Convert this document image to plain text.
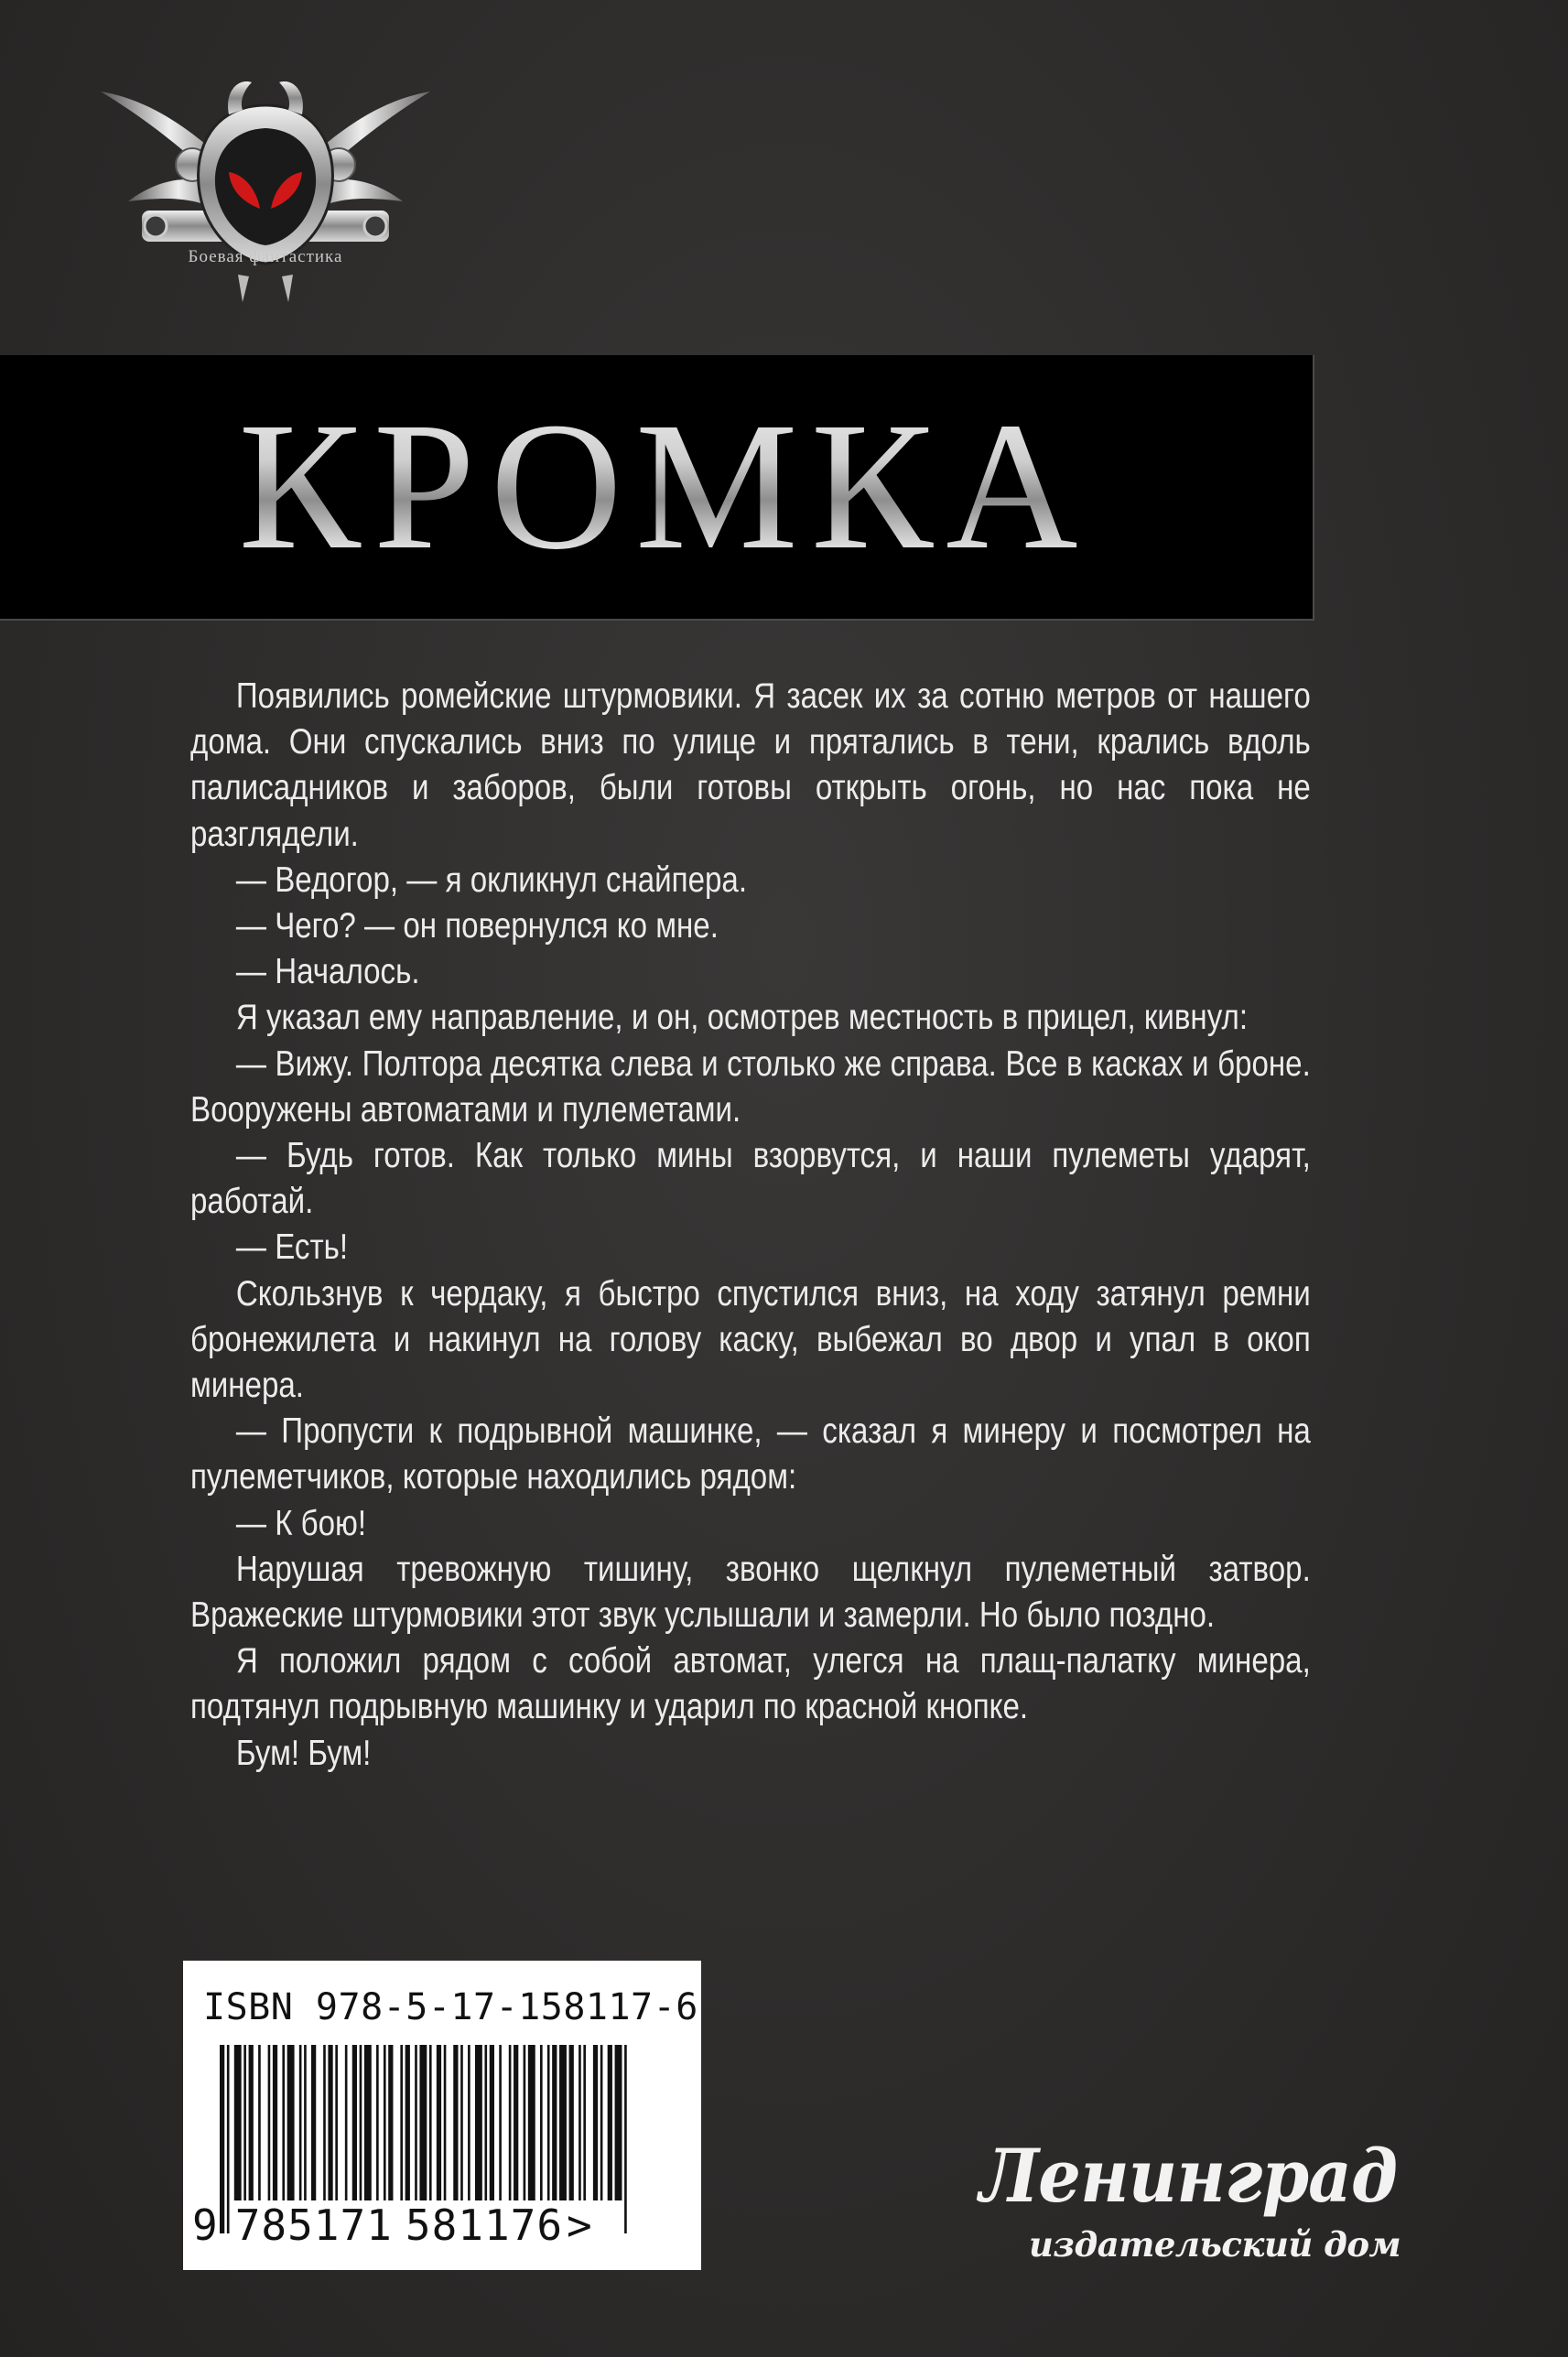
Боевая фантастика
КРОМКА

Появились ромейские штурмовики. Я засек их за сотню метров от нашего дома. Они спускались вниз по улице и прятались в тени, крались вдоль палисадников и заборов, были готовы открыть огонь, но нас пока не разглядели.

— Ведогор, — я окликнул снайпера.

— Чего? — он повернулся ко мне.

— Началось.

Я указал ему направление, и он, осмотрев местность в прицел, кивнул:

— Вижу. Полтора десятка слева и столько же справа. Все в касках и броне. Вооружены автоматами и пулеметами.

— Будь готов. Как только мины взорвутся, и наши пулеметы ударят, работай.

— Есть!

Скользнув к чердаку, я быстро спустился вниз, на ходу затянул ремни бронежилета и накинул на голову каску, выбежал во двор и упал в окоп минера.

— Пропусти к подрывной машинке, — сказал я минеру и посмотрел на пулеметчиков, которые находились рядом:

— К бою!

Нарушая тревожную тишину, звонко щелкнул пулеметный затвор. Вражеские штурмовики этот звук услышали и замерли. Но было поздно.

Я положил рядом с собой автомат, улегся на плащ-палатку минера, подтянул подрывную машинку и ударил по красной кнопке.

Бум! Бум!

ISBN 978-5-17-158117-6
9 785171 581176>
Ленинград
издательский дом
